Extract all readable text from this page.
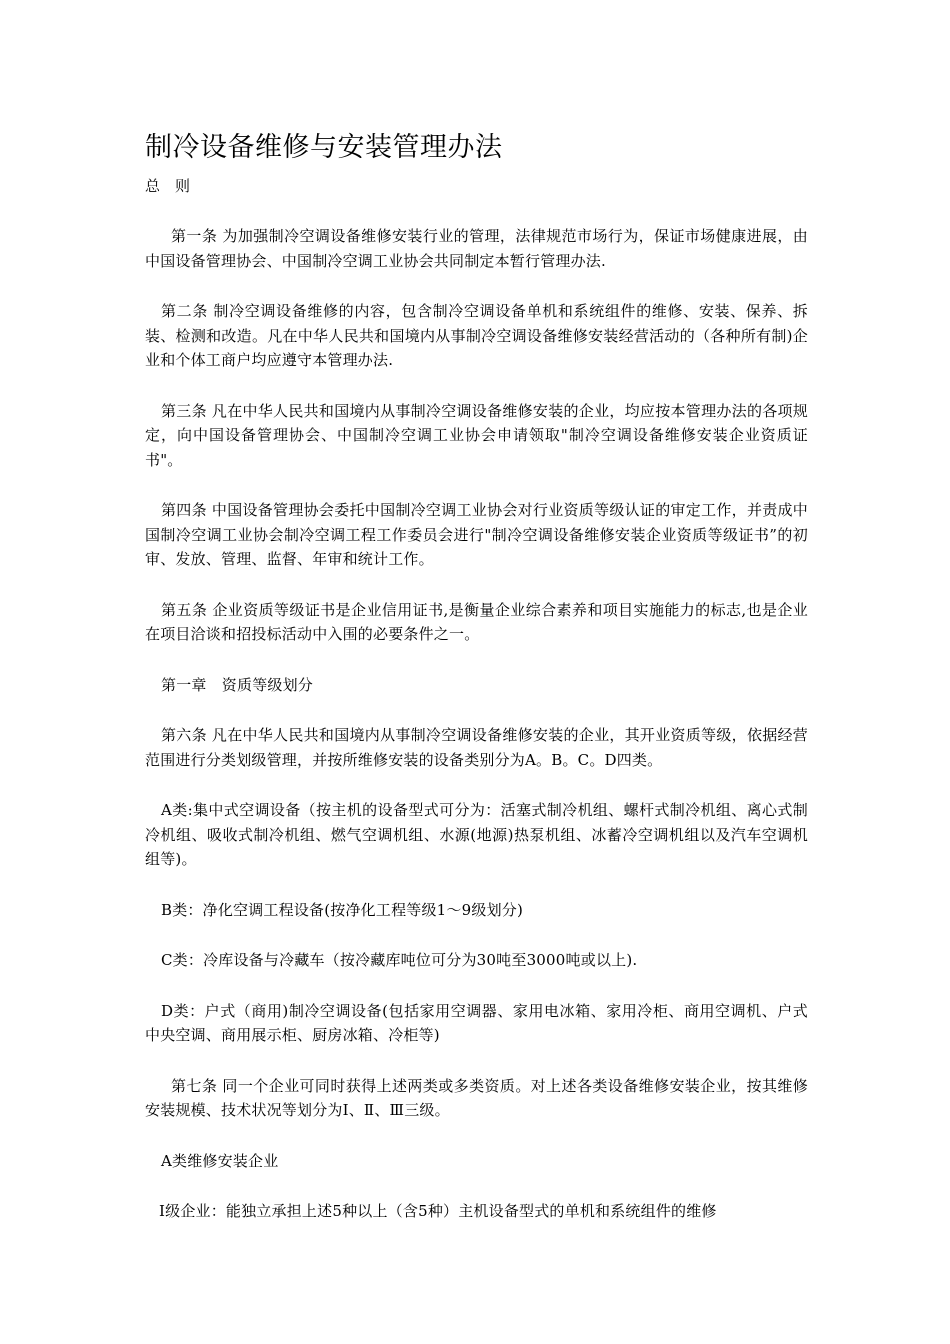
制冷设备维修与安装管理办法
总　则

第一条 为加强制冷空调设备维修安装行业的管理，法律规范市场行为，保证市场健康进展，由中国设备管理协会、中国制冷空调工业协会共同制定本暂行管理办法.

第二条 制冷空调设备维修的内容，包含制冷空调设备单机和系统组件的维修、安装、保养、拆装、检测和改造。凡在中华人民共和国境内从事制冷空调设备维修安装经营活动的（各种所有制)企业和个体工商户均应遵守本管理办法.

第三条 凡在中华人民共和国境内从事制冷空调设备维修安装的企业，均应按本管理办法的各项规定，向中国设备管理协会、中国制冷空调工业协会申请领取"制冷空调设备维修安装企业资质证书"。

第四条 中国设备管理协会委托中国制冷空调工业协会对行业资质等级认证的审定工作，并责成中国制冷空调工业协会制冷空调工程工作委员会进行"制冷空调设备维修安装企业资质等级证书”的初审、发放、管理、监督、年审和统计工作。

第五条 企业资质等级证书是企业信用证书,是衡量企业综合素养和项目实施能力的标志,也是企业在项目洽谈和招投标活动中入围的必要条件之一。

第一章　资质等级划分

第六条 凡在中华人民共和国境内从事制冷空调设备维修安装的企业，其开业资质等级，依据经营范围进行分类划级管理，并按所维修安装的设备类别分为A。B。C。D四类。

A类:集中式空调设备（按主机的设备型式可分为：活塞式制冷机组、螺杆式制冷机组、离心式制冷机组、吸收式制冷机组、燃气空调机组、水源(地源)热泵机组、冰蓄冷空调机组以及汽车空调机组等)。

B类：净化空调工程设备(按净化工程等级1～9级划分)

C类：冷库设备与冷藏车（按冷藏库吨位可分为30吨至3000吨或以上).

D类：户式（商用)制冷空调设备(包括家用空调器、家用电冰箱、家用冷柜、商用空调机、户式中央空调、商用展示柜、厨房冰箱、冷柜等)

第七条 同一个企业可同时获得上述两类或多类资质。对上述各类设备维修安装企业，按其维修安装规模、技术状况等划分为Ⅰ、Ⅱ、Ⅲ三级。

A类维修安装企业

Ⅰ级企业：能独立承担上述5种以上（含5种）主机设备型式的单机和系统组件的维修
